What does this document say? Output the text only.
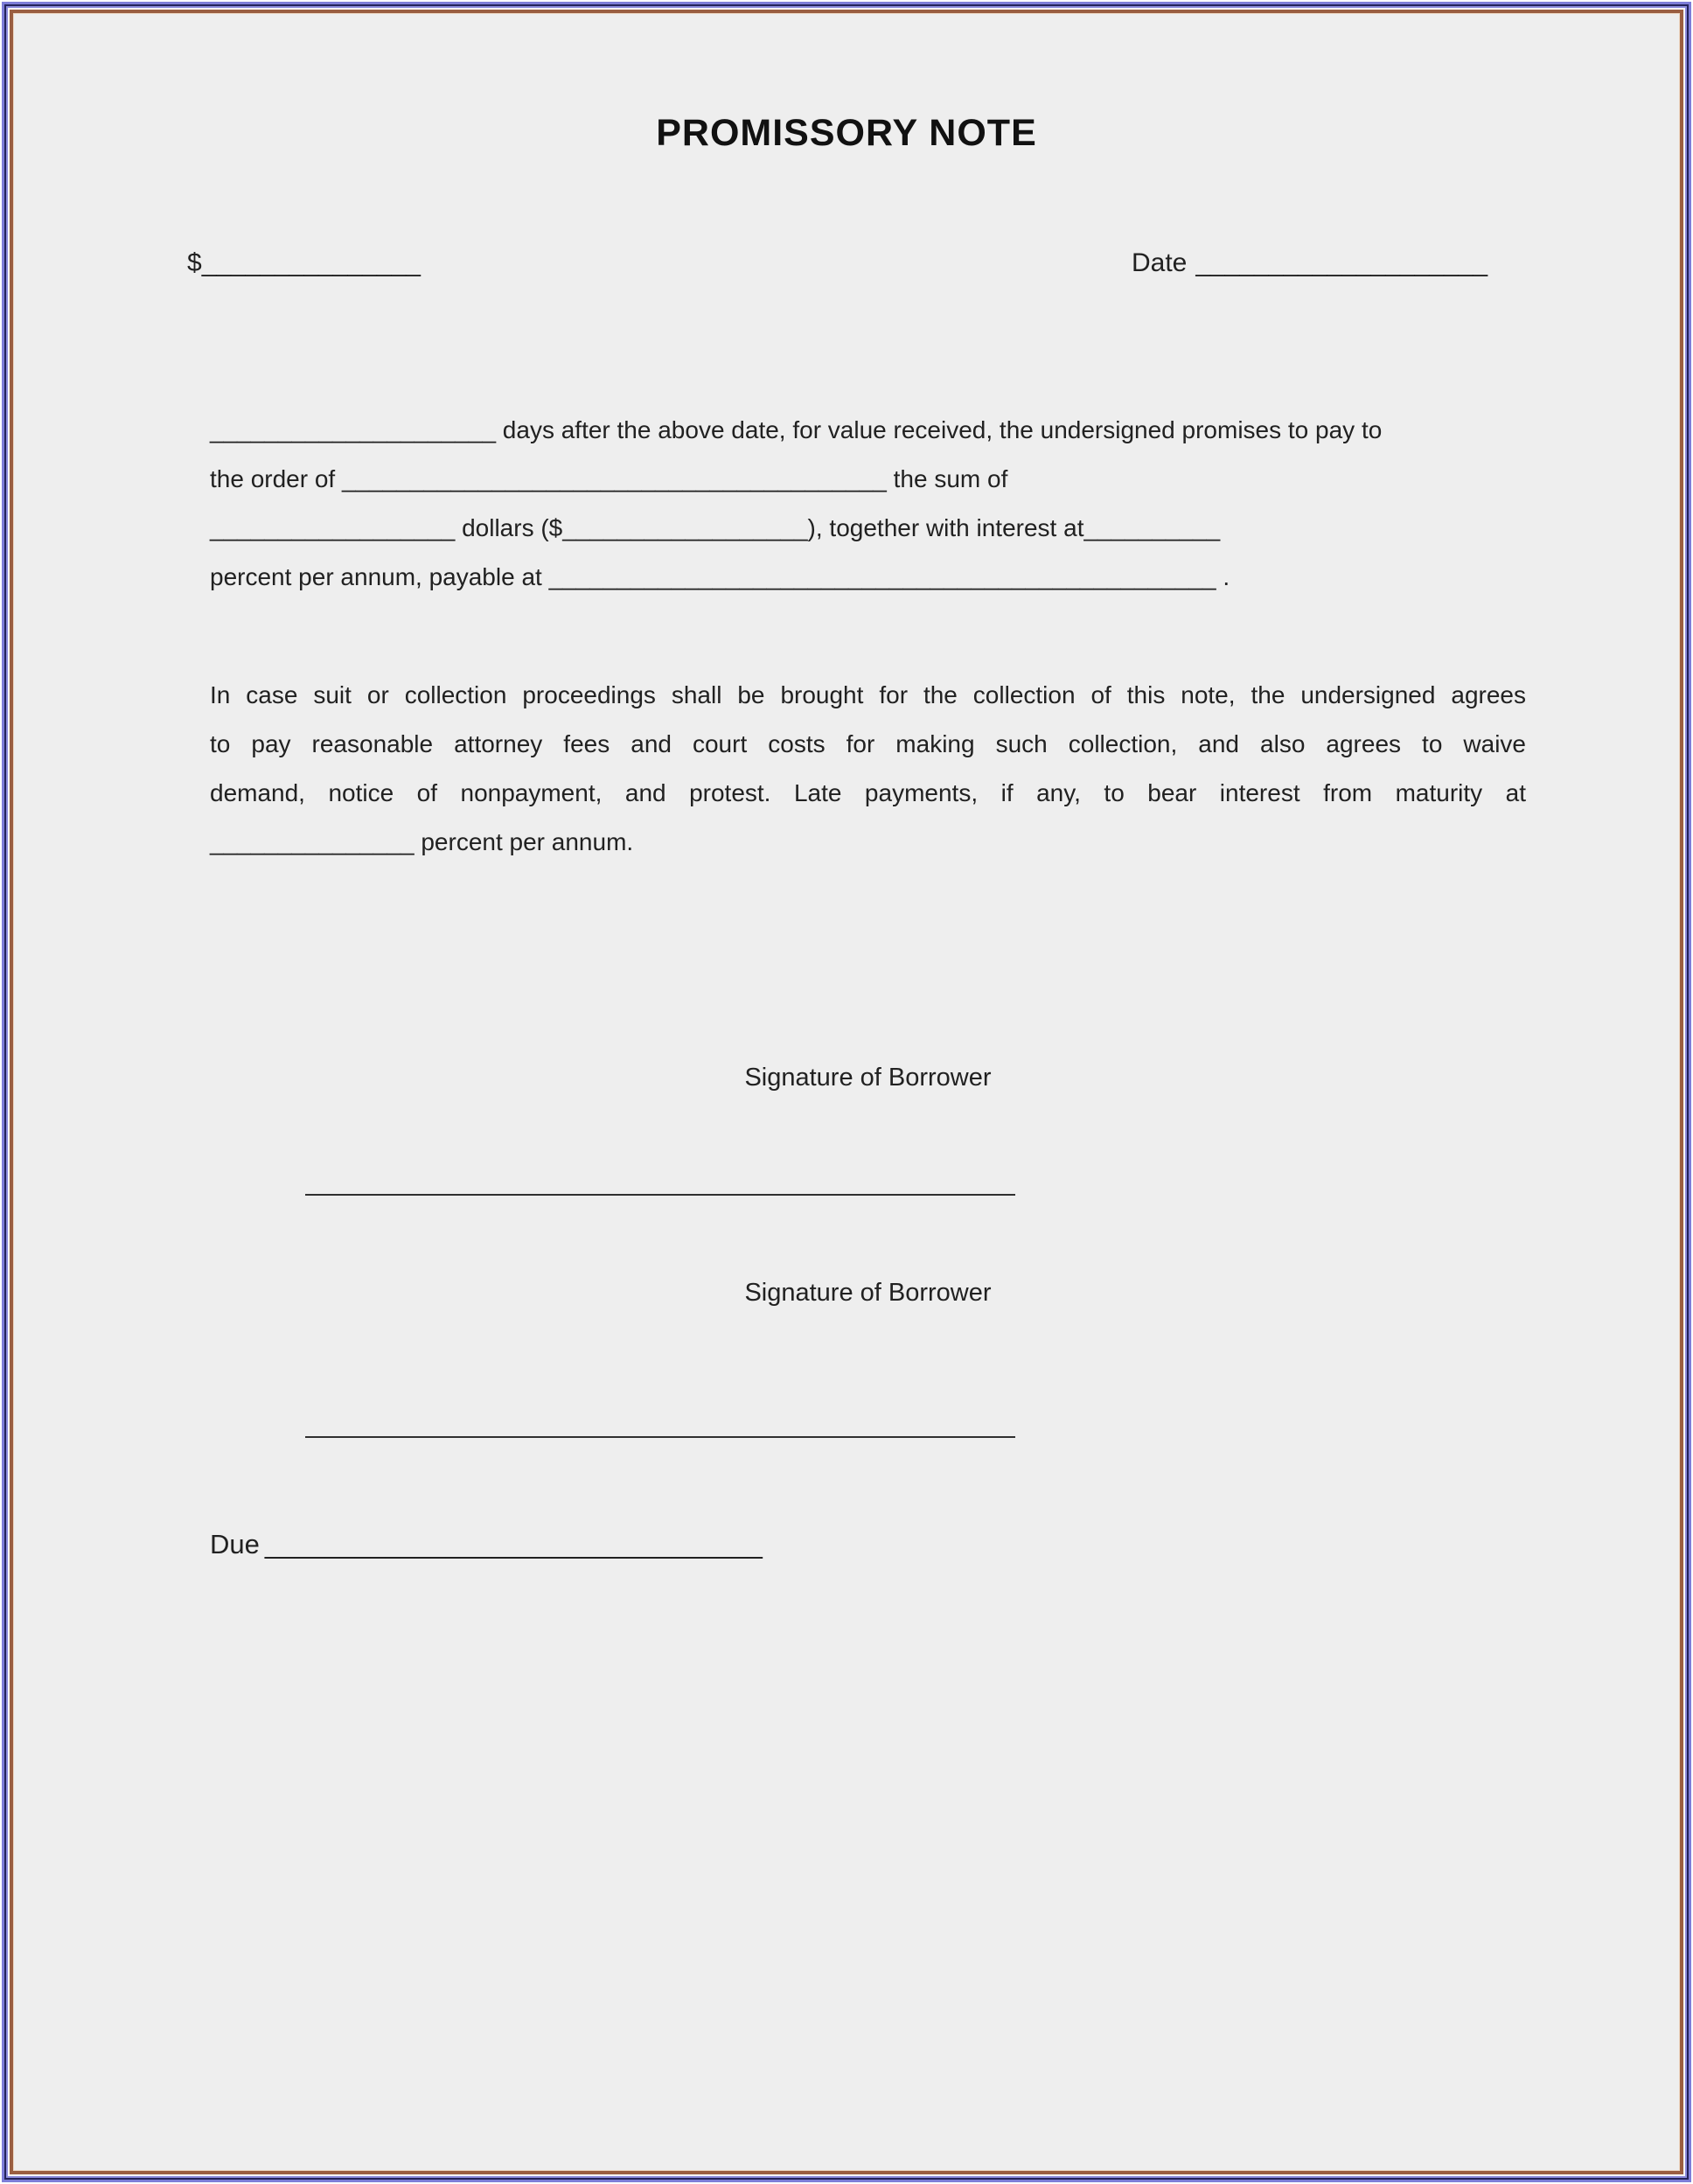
PROMISSORY NOTE
$_______________	Date ____________________
_____________________ days after the above date, for value received, the undersigned promises to pay to
the order of ________________________________________ the sum of
__________________ dollars ($__________________), together with interest at__________
percent per annum, payable at _________________________________________________ .
In case suit or collection proceedings shall be brought for the collection of this note, the undersigned agrees
to pay reasonable attorney fees and court costs for making such collection, and also agrees to waive
demand, notice of nonpayment, and protest. Late payments, if any, to bear interest from maturity at
_______________ percent per annum.
Signature of Borrower
Signature of Borrower
Due _________________________________
